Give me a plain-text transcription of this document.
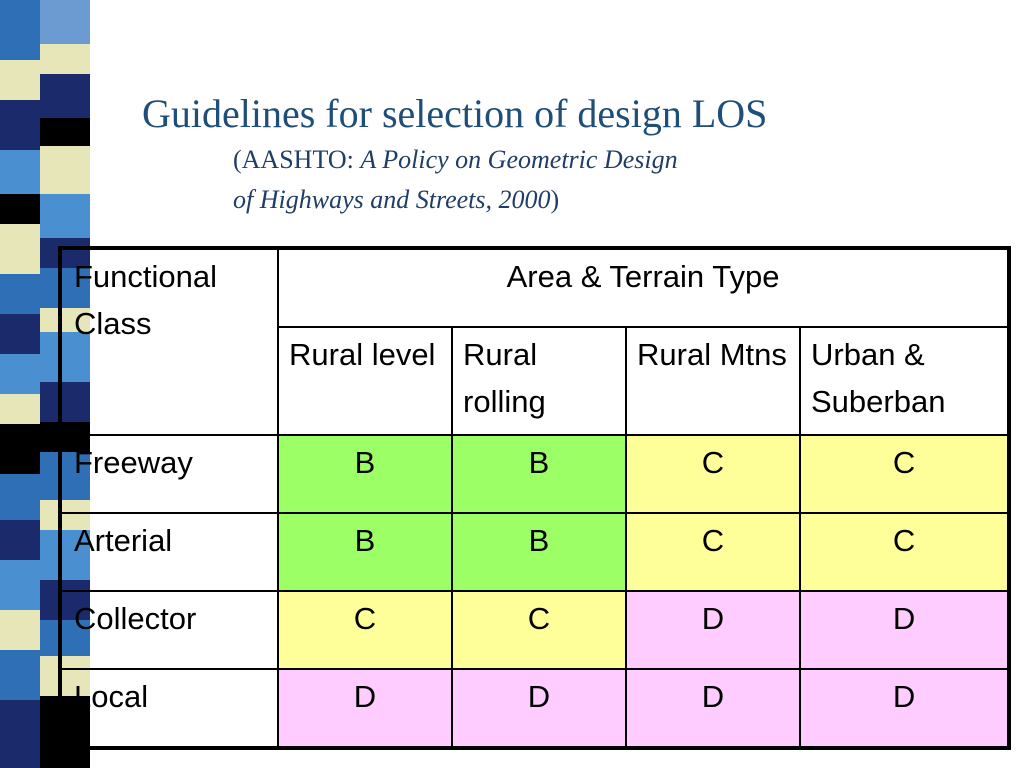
Guidelines for selection of design LOS
(AASHTO: A Policy on Geometric Design
of Highways and Streets, 2000)
Functional Class	Area & Terrain Type			
	Rural level	Rural rolling	Rural Mtns	Urban & Suberban
Freeway	B	B	C	C
Arterial	B	B	C	C
Collector	C	C	D	D
Local	D	D	D	D
